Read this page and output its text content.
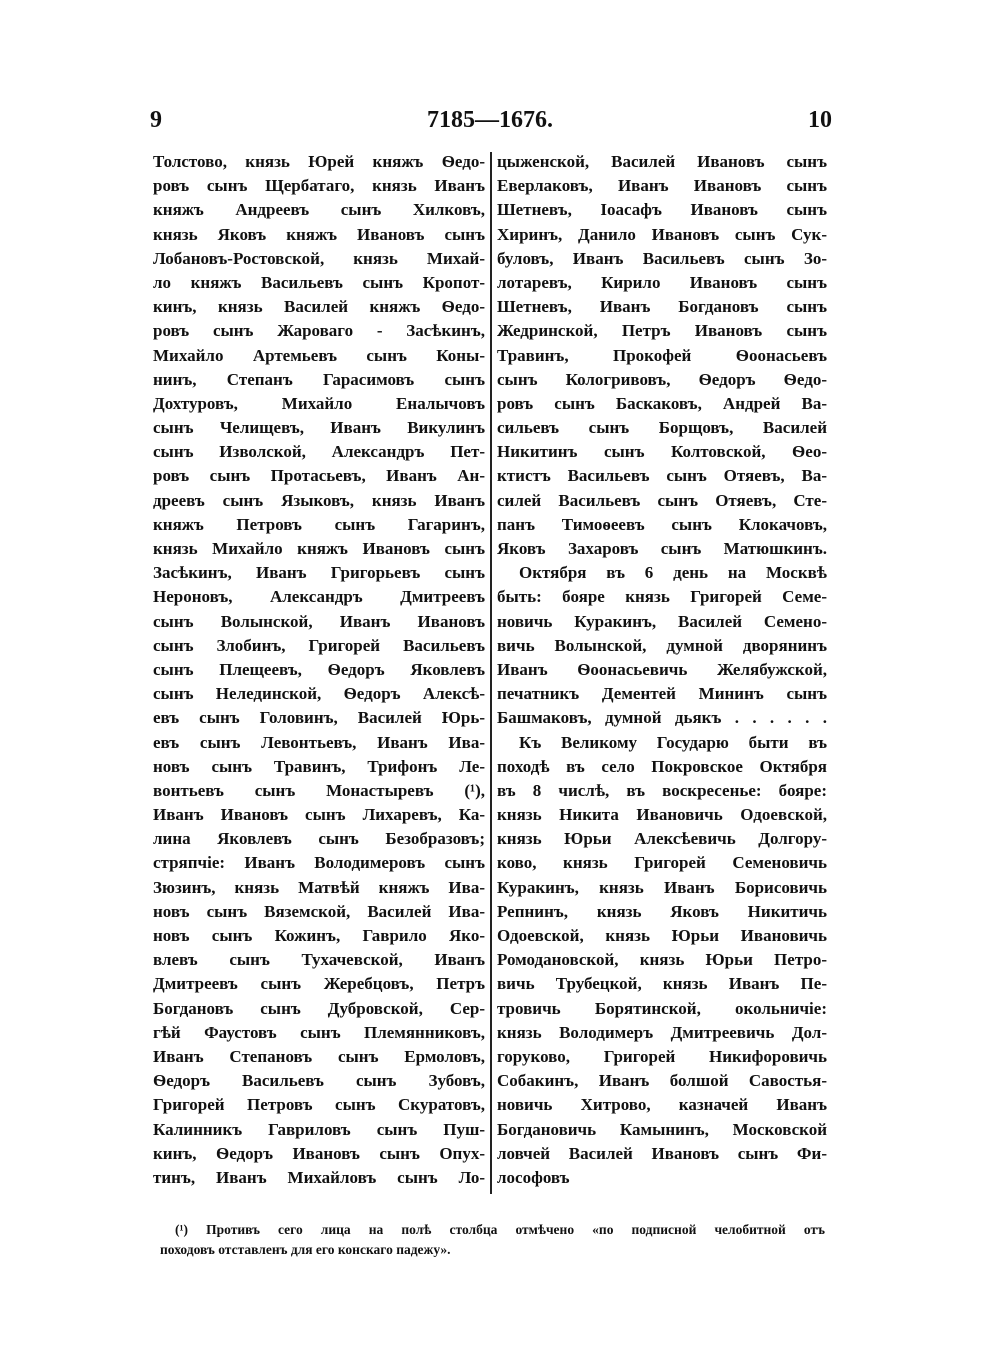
9	7185—1676.	10
Толстово, князь Юрей княжъ Ѳедо-
ровъ сынъ Щербатаго, князь Иванъ
княжъ Андреевъ сынъ Хилковъ,
князь Яковъ княжъ Ивановъ сынъ
Лобановъ-Ростовской, князь Михай-
ло княжъ Васильевъ сынъ Кропот-
кинъ, князь Василей княжъ Ѳедо-
ровъ сынъ Жароваго - Засѣкинъ,
Михайло Артемьевъ сынъ Коны-
нинъ, Степанъ Гарасимовъ сынъ
Дохтуровъ, Михайло Еналычовъ
сынъ Челищевъ, Иванъ Викулинъ
сынъ Изволской, Александръ Пет-
ровъ сынъ Протасьевъ, Иванъ Ан-
дреевъ сынъ Языковъ, князь Иванъ
княжъ Петровъ сынъ Гагаринъ,
князь Михайло княжъ Ивановъ сынъ
Засѣкинъ, Иванъ Григорьевъ сынъ
Нероновъ, Александръ Дмитреевъ
сынъ Волынской, Иванъ Ивановъ
сынъ Злобинъ, Григорей Васильевъ
сынъ Плещеевъ, Ѳедоръ Яковлевъ
сынъ Нелединской, Ѳедоръ Алексѣ-
евъ сынъ Головинъ, Василей Юрь-
евъ сынъ Левонтьевъ, Иванъ Ива-
новъ сынъ Травинъ, Трифонъ Ле-
вонтьевъ сынъ Монастыревъ (¹),
Иванъ Ивановъ сынъ Лихаревъ, Ка-
лина Яковлевъ сынъ Безобразовъ;
стряпчіе: Иванъ Володимеровъ сынъ
Зюзинъ, князь Матвѣй княжъ Ива-
новъ сынъ Вяземской, Василей Ива-
новъ сынъ Кожинъ, Гаврило Яко-
влевъ сынъ Тухачевской, Иванъ
Дмитреевъ сынъ Жеребцовъ, Петръ
Богдановъ сынъ Дубровской, Сер-
гѣй Фаустовъ сынъ Племянниковъ,
Иванъ Степановъ сынъ Ермоловъ,
Ѳедоръ Васильевъ сынъ Зубовъ,
Григорей Петровъ сынъ Скуратовъ,
Калинникъ Гавриловъ сынъ Пуш-
кинъ, Ѳедоръ Ивановъ сынъ Опух-
тинъ, Иванъ Михайловъ сынъ Ло-
цыженской, Василей Ивановъ сынъ
Еверлаковъ, Иванъ Ивановъ сынъ
Шетневъ, Іоасафъ Ивановъ сынъ
Хиринъ, Данило Ивановъ сынъ Сук-
буловъ, Иванъ Васильевъ сынъ Зо-
лотаревъ, Кирило Ивановъ сынъ
Шетневъ, Иванъ Богдановъ сынъ
Жедринской, Петръ Ивановъ сынъ
Травинъ, Прокофей Ѳоонасьевъ
сынъ Кологривовъ, Ѳедоръ Ѳедо-
ровъ сынъ Баскаковъ, Андрей Ва-
сильевъ сынъ Борщовъ, Василей
Никитинъ сынъ Колтовской, Ѳео-
ктистъ Васильевъ сынъ Отяевъ, Ва-
силей Васильевъ сынъ Отяевъ, Сте-
панъ Тимоѳеевъ сынъ Клокачовъ,
Яковъ Захаровъ сынъ Матюшкинъ.
Октября въ 6 день на Москвѣ
быть: бояре князь Григорей Семе-
новичь Куракинъ, Василей Семено-
вичь Волынской, думной дворянинъ
Иванъ Ѳоонасьевичь Желябужской,
печатникъ Дементей Мининъ сынъ
Башмаковъ, думной дьякъ . . . . . .
Къ Великому Государю быти въ
походѣ въ село Покровское Октября
въ 8 числѣ, въ воскресенье: бояре:
князь Никита Ивановичь Одоевской,
князь Юрьи Алексѣевичь Долгору-
ково, князь Григорей Семеновичь
Куракинъ, князь Иванъ Борисовичь
Репнинъ, князь Яковъ Никитичь
Одоевской, князь Юрьи Ивановичь
Ромодановской, князь Юрьи Петро-
вичь Трубецкой, князь Иванъ Пе-
тровичь Борятинской, окольничіе:
князь Володимеръ Дмитреевичь Дол-
горуково, Григорей Никифоровичь
Собакинъ, Иванъ болшой Савостья-
новичь Хитрово, казначей Иванъ
Богдановичь Камынинъ, Московской
ловчей Василей Ивановъ сынъ Фи-
лософовъ
(¹) Противъ сего лица на полѣ столбца отмѣчено «по подписной челобитной отъ
походовъ отставленъ для его конскаго падежу».
